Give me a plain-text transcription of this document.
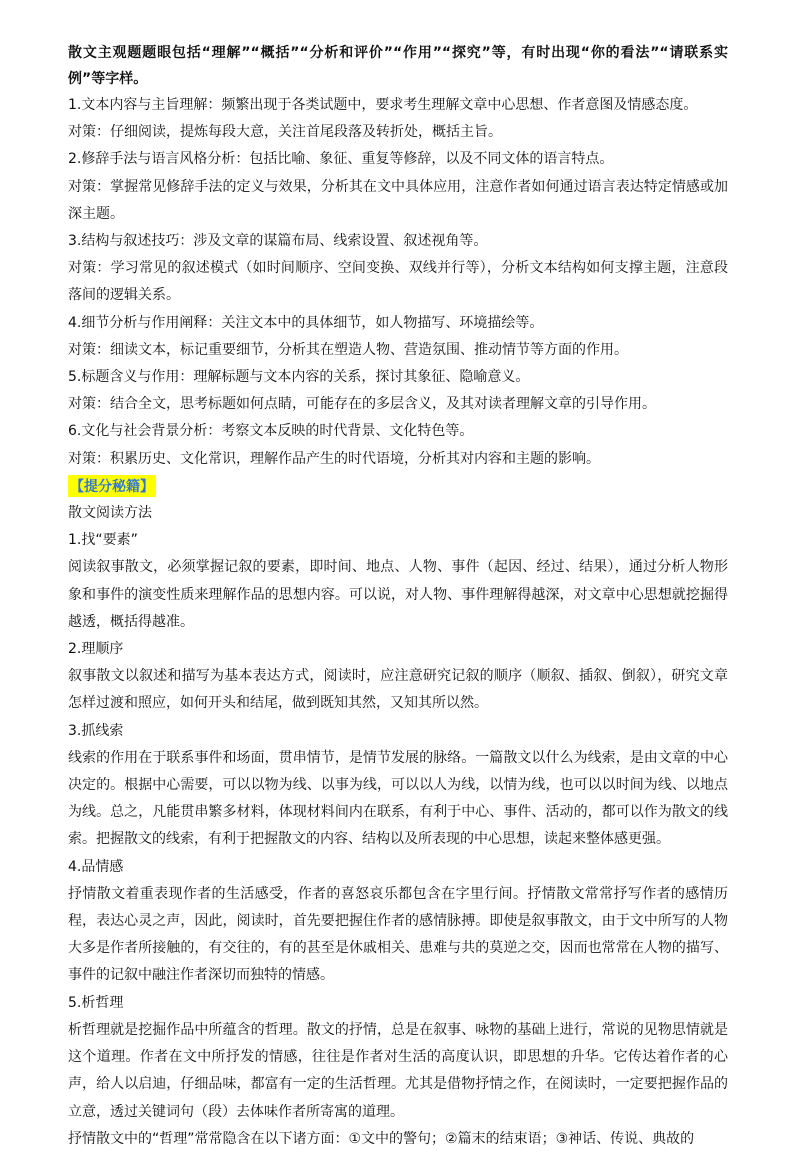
散文主观题题眼包括“理解”“概括”“分析和评价”“作用”“探究”等，有时出现“你的看法”“请联系实例”等字样。

1.文本内容与主旨理解：频繁出现于各类试题中，要求考生理解文章中心思想、作者意图及情感态度。

对策：仔细阅读，提炼每段大意，关注首尾段落及转折处，概括主旨。

2.修辞手法与语言风格分析：包括比喻、象征、重复等修辞，以及不同文体的语言特点。

对策：掌握常见修辞手法的定义与效果，分析其在文中具体应用，注意作者如何通过语言表达特定情感或加深主题。

3.结构与叙述技巧：涉及文章的谋篇布局、线索设置、叙述视角等。

对策：学习常见的叙述模式（如时间顺序、空间变换、双线并行等），分析文本结构如何支撑主题，注意段落间的逻辑关系。

4.细节分析与作用阐释：关注文本中的具体细节，如人物描写、环境描绘等。

对策：细读文本，标记重要细节，分析其在塑造人物、营造氛围、推动情节等方面的作用。

5.标题含义与作用：理解标题与文本内容的关系，探讨其象征、隐喻意义。

对策：结合全文，思考标题如何点睛，可能存在的多层含义，及其对读者理解文章的引导作用。

6.文化与社会背景分析：考察文本反映的时代背景、文化特色等。

对策：积累历史、文化常识，理解作品产生的时代语境，分析其对内容和主题的影响。

【提分秘籍】

散文阅读方法

1.找“要素”

阅读叙事散文，必须掌握记叙的要素，即时间、地点、人物、事件（起因、经过、结果），通过分析人物形象和事件的演变性质来理解作品的思想内容。可以说，对人物、事件理解得越深，对文章中心思想就挖掘得越透，概括得越准。

2.理顺序

叙事散文以叙述和描写为基本表达方式，阅读时，应注意研究记叙的顺序（顺叙、插叙、倒叙），研究文章怎样过渡和照应，如何开头和结尾，做到既知其然，又知其所以然。

3.抓线索

线索的作用在于联系事件和场面，贯串情节，是情节发展的脉络。一篇散文以什么为线索，是由文章的中心决定的。根据中心需要，可以以物为线、以事为线，可以以人为线，以情为线，也可以以时间为线、以地点为线。总之，凡能贯串繁多材料，体现材料间内在联系，有利于中心、事件、活动的，都可以作为散文的线索。把握散文的线索，有利于把握散文的内容、结构以及所表现的中心思想，读起来整体感更强。

4.品情感

抒情散文着重表现作者的生活感受，作者的喜怒哀乐都包含在字里行间。抒情散文常常抒写作者的感情历程，表达心灵之声，因此，阅读时，首先要把握住作者的感情脉搏。即使是叙事散文，由于文中所写的人物大多是作者所接触的，有交往的，有的甚至是休戚相关、患难与共的莫逆之交，因而也常常在人物的描写、事件的记叙中融注作者深切而独特的情感。

5.析哲理

析哲理就是挖掘作品中所蕴含的哲理。散文的抒情，总是在叙事、咏物的基础上进行，常说的见物思情就是这个道理。作者在文中所抒发的情感，往往是作者对生活的高度认识，即思想的升华。它传达着作者的心声，给人以启迪，仔细品味，都富有一定的生活哲理。尤其是借物抒情之作，在阅读时，一定要把握作品的立意，透过关键词句（段）去体味作者所寄寓的道理。

抒情散文中的“哲理”常常隐含在以下诸方面：①文中的警句；②篇末的结束语；③神话、传说、典故的
